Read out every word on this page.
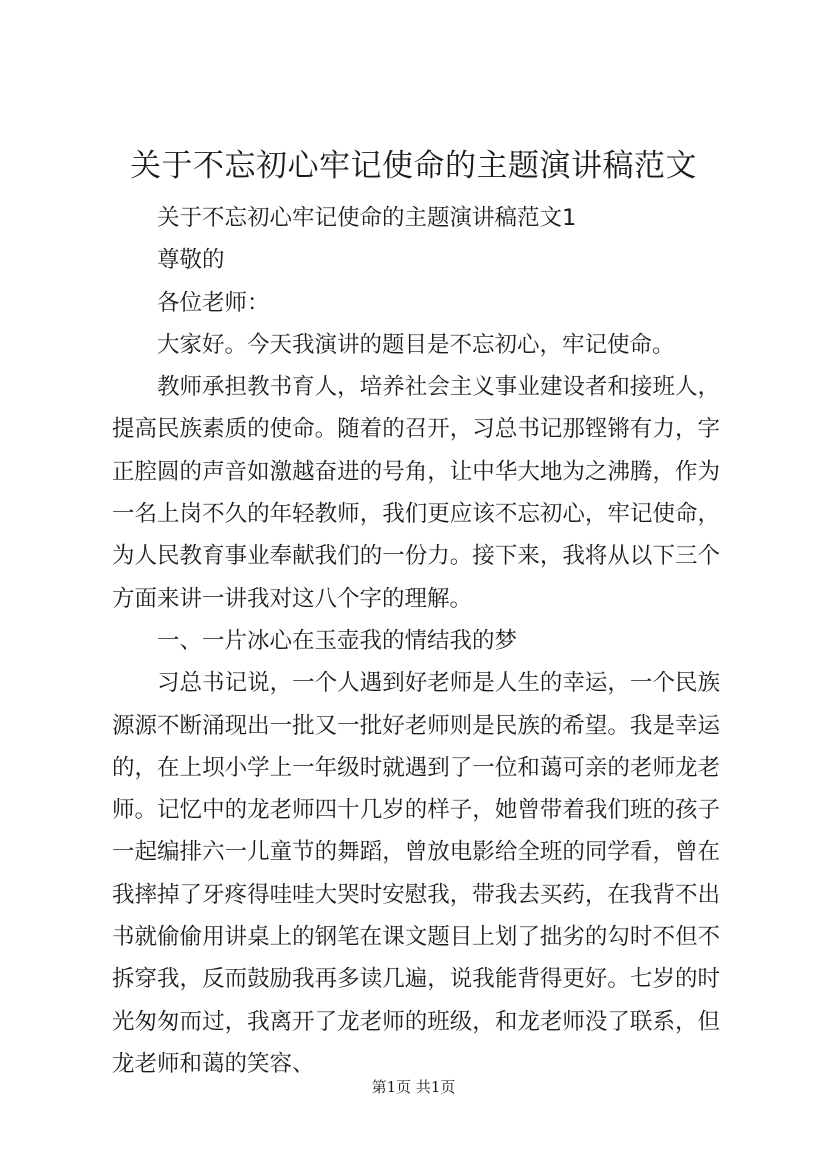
关于不忘初心牢记使命的主题演讲稿范文

关于不忘初心牢记使命的主题演讲稿范文1

尊敬的

各位老师：

大家好。今天我演讲的题目是不忘初心，牢记使命。

教师承担教书育人，培养社会主义事业建设者和接班人，提高民族素质的使命。随着的召开，习总书记那铿锵有力，字正腔圆的声音如激越奋进的号角，让中华大地为之沸腾，作为一名上岗不久的年轻教师，我们更应该不忘初心，牢记使命，为人民教育事业奉献我们的一份力。接下来，我将从以下三个方面来讲一讲我对这八个字的理解。

一、一片冰心在玉壶我的情结我的梦

习总书记说，一个人遇到好老师是人生的幸运，一个民族源源不断涌现出一批又一批好老师则是民族的希望。我是幸运的，在上坝小学上一年级时就遇到了一位和蔼可亲的老师龙老师。记忆中的龙老师四十几岁的样子，她曾带着我们班的孩子一起编排六一儿童节的舞蹈，曾放电影给全班的同学看，曾在我摔掉了牙疼得哇哇大哭时安慰我，带我去买药，在我背不出书就偷偷用讲桌上的钢笔在课文题目上划了拙劣的勾时不但不拆穿我，反而鼓励我再多读几遍，说我能背得更好。七岁的时光匆匆而过，我离开了龙老师的班级，和龙老师没了联系，但龙老师和蔼的笑容、

第1页 共1页
